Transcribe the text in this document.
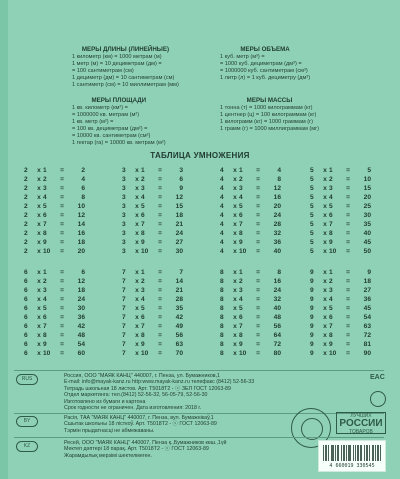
МЕРЫ ДЛИНЫ (ЛИНЕЙНЫЕ)
1 километр (км) = 1000 метрам (м)
1 метр (м) = 10 дециметрам (дм) =
= 100 сантиметрам (см)
1 дециметр (дм) = 10 сантиметрам (см)
1 сантиметр (см) = 10 миллиметрам (мм)
МЕРЫ ПЛОЩАДИ
1 кв. километр (км²) =
= 1000000 кв. метрам (м²)
1 кв. метр (м²) =
= 100 кв. дециметрам (дм²) =
= 10000 кв. сантиметрам (см²)
1 гектар (га) = 10000 кв. метрам (м²)
МЕРЫ ОБЪЕМА
1 куб. метр (м³) =
= 1000 куб. дециметрам (дм³) =
= 1000000 куб. сантиметрам (см³)
1 литр (л) = 1 куб. дециметру (дм³)
МЕРЫ МАССЫ
1 тонна (т) = 1000 килограммам (кг)
1 центнер (ц) = 100 килограммам (кг)
1 килограмм (кг) = 1000 граммам (г)
1 грамм (г) = 1000 миллиграммам (мг)
ТАБЛИЦА УМНОЖЕНИЯ
2 x 1 =	2
2 x 2 =	4
2 x 3 =	6
2 x 4 =	8
2 x 5 = 10
2 x 6 = 12
2 x 7 = 14
2 x 8 = 16
2 x 9 = 18
2 x 10 = 20
3 x 1 =	3
3 x 2 =	6
3 x 3 =	9
3 x 4 = 12
3 x 5 = 15
3 x 6 = 18
3 x 7 = 21
3 x 8 = 24
3 x 9 = 27
3 x 10 = 30
4 x 1 =	4
4 x 2 =	8
4 x 3 = 12
4 x 4 = 16
4 x 5 = 20
4 x 6 = 24
4 x 7 = 28
4 x 8 = 32
4 x 9 = 36
4 x 10 = 40
5 x 1 =	5
5 x 2 = 10
5 x 3 = 15
5 x 4 = 20
5 x 5 = 25
5 x 6 = 30
5 x 7 = 35
5 x 8 = 40
5 x 9 = 45
5 x 10 = 50
6 x 1 =	6
6 x 2 = 12
6 x 3 = 18
6 x 4 = 24
6 x 5 = 30
6 x 6 = 36
6 x 7 = 42
6 x 8 = 48
6 x 9 = 54
6 x 10 = 60
7 x 1 =	7
7 x 2 = 14
7 x 3 = 21
7 x 4 = 28
7 x 5 = 35
7 x 6 = 42
7 x 7 = 49
7 x 8 = 56
7 x 9 = 63
7 x 10 = 70
8 x 1 =	8
8 x 2 = 16
8 x 3 = 24
8 x 4 = 32
8 x 5 = 40
8 x 6 = 48
8 x 7 = 56
8 x 8 = 64
8 x 9 = 72
8 x 10 = 80
9 x 1 =	9
9 x 2 = 18
9 x 3 = 27
9 x 4 = 36
9 x 5 = 45
9 x 6 = 54
9 x 7 = 63
9 x 8 = 72
9 x 9 = 81
9 x 10 = 90
RUS	Россия, ООО "МАЯК КАНЦ" 440007, г. Пенза, ул. Бумажников,1
E-mail: info@mayak-kanz.ru http:www.mayak-kanz.ru телефакс (8412) 52-56-33
Тетрадь школьная 18 листов. Арт. Т5018Т2 - ⓢ ЗЕЛ ГОСТ 12063-89
Отдел маркетинга: тел.(8412) 52-56-32, 56-05-79, 52-56-30
Изготовлено из бумаги и картона
Срок годности не ограничен. Дата изготовления: 2018 г.
EAC
BY	Расія, ТАА "МАЯК КАНЦ" 440007, г. Пенза, вул. Бумажнікаў,1
Сшытак школьны 18 лісткоў. Арт. Т5018Т2 - ⓢ ГОСТ 12063-89
Тэрмін прыдатнасці не абмежаваны.
ЛУЧШИХ
РОССИИ
ТОВАРОВ
KZ	Ресей, ООО "МАЯК КАНЦ" 440007, Пенза қ.,Бумажников көш.,1үй
Мектеп дәптері 18 парақ. Арт. Т5018Т2 - ⓢ ГОСТ 12063-89
Жарамдылық мерзімі шектелмеген.
4 660019 330545
